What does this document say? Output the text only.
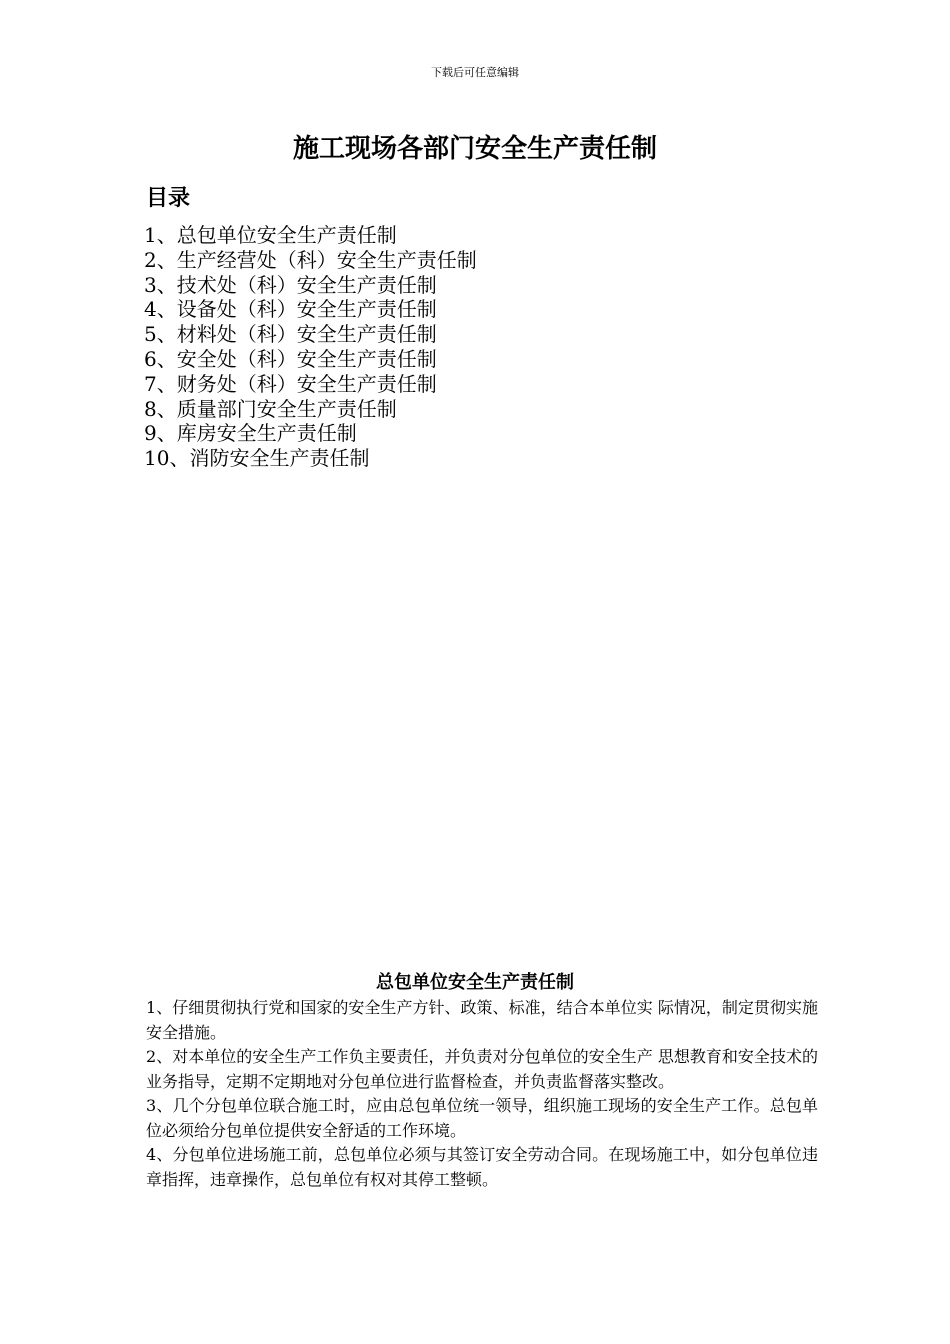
下载后可任意编辑
施工现场各部门安全生产责任制
目录
1、总包单位安全生产责任制
2、生产经营处（科）安全生产责任制
3、技术处（科）安全生产责任制
4、设备处（科）安全生产责任制
5、材料处（科）安全生产责任制
6、安全处（科）安全生产责任制
7、财务处（科）安全生产责任制
8、质量部门安全生产责任制
9、库房安全生产责任制
10、消防安全生产责任制
总包单位安全生产责任制

1、仔细贯彻执行党和国家的安全生产方针、政策、标准，结合本单位实 际情况，制定贯彻实施安全措施。

2、对本单位的安全生产工作负主要责任，并负责对分包单位的安全生产 思想教育和安全技术的业务指导，定期不定期地对分包单位进行监督检查，并负责监督落实整改。

3、几个分包单位联合施工时，应由总包单位统一领导，组织施工现场的安全生产工作。总包单位必须给分包单位提供安全舒适的工作环境。

4、分包单位进场施工前，总包单位必须与其签订安全劳动合同。在现场施工中，如分包单位违章指挥，违章操作，总包单位有权对其停工整顿。
